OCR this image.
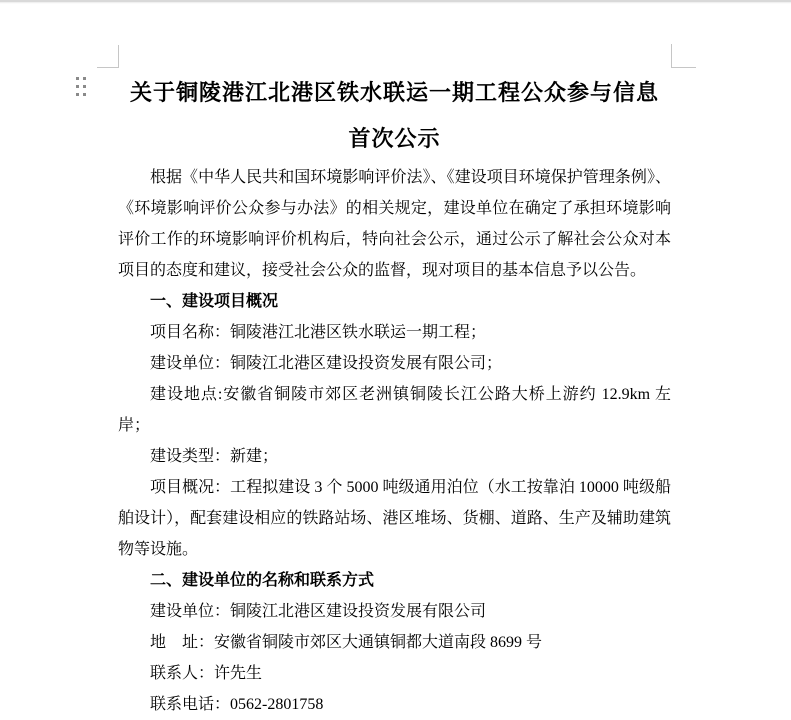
关于铜陵港江北港区铁水联运一期工程公众参与信息
首次公示

根据《中华人民共和国环境影响评价法》、《建设项目环境保护管理条例》、《环境影响评价公众参与办法》的相关规定，建设单位在确定了承担环境影响评价工作的环境影响评价机构后，特向社会公示，通过公示了解社会公众对本项目的态度和建议，接受社会公众的监督，现对项目的基本信息予以公告。

一、建设项目概况

项目名称：铜陵港江北港区铁水联运一期工程；

建设单位：铜陵江北港区建设投资发展有限公司；

建设地点:安徽省铜陵市郊区老洲镇铜陵长江公路大桥上游约 12.9km 左岸；

建设类型：新建；

项目概况：工程拟建设 3 个 5000 吨级通用泊位（水工按靠泊 10000 吨级船舶设计），配套建设相应的铁路站场、港区堆场、货棚、道路、生产及辅助建筑物等设施。

二、建设单位的名称和联系方式

建设单位：铜陵江北港区建设投资发展有限公司

地　址：安徽省铜陵市郊区大通镇铜都大道南段 8699 号

联系人：许先生

联系电话：0562-2801758
